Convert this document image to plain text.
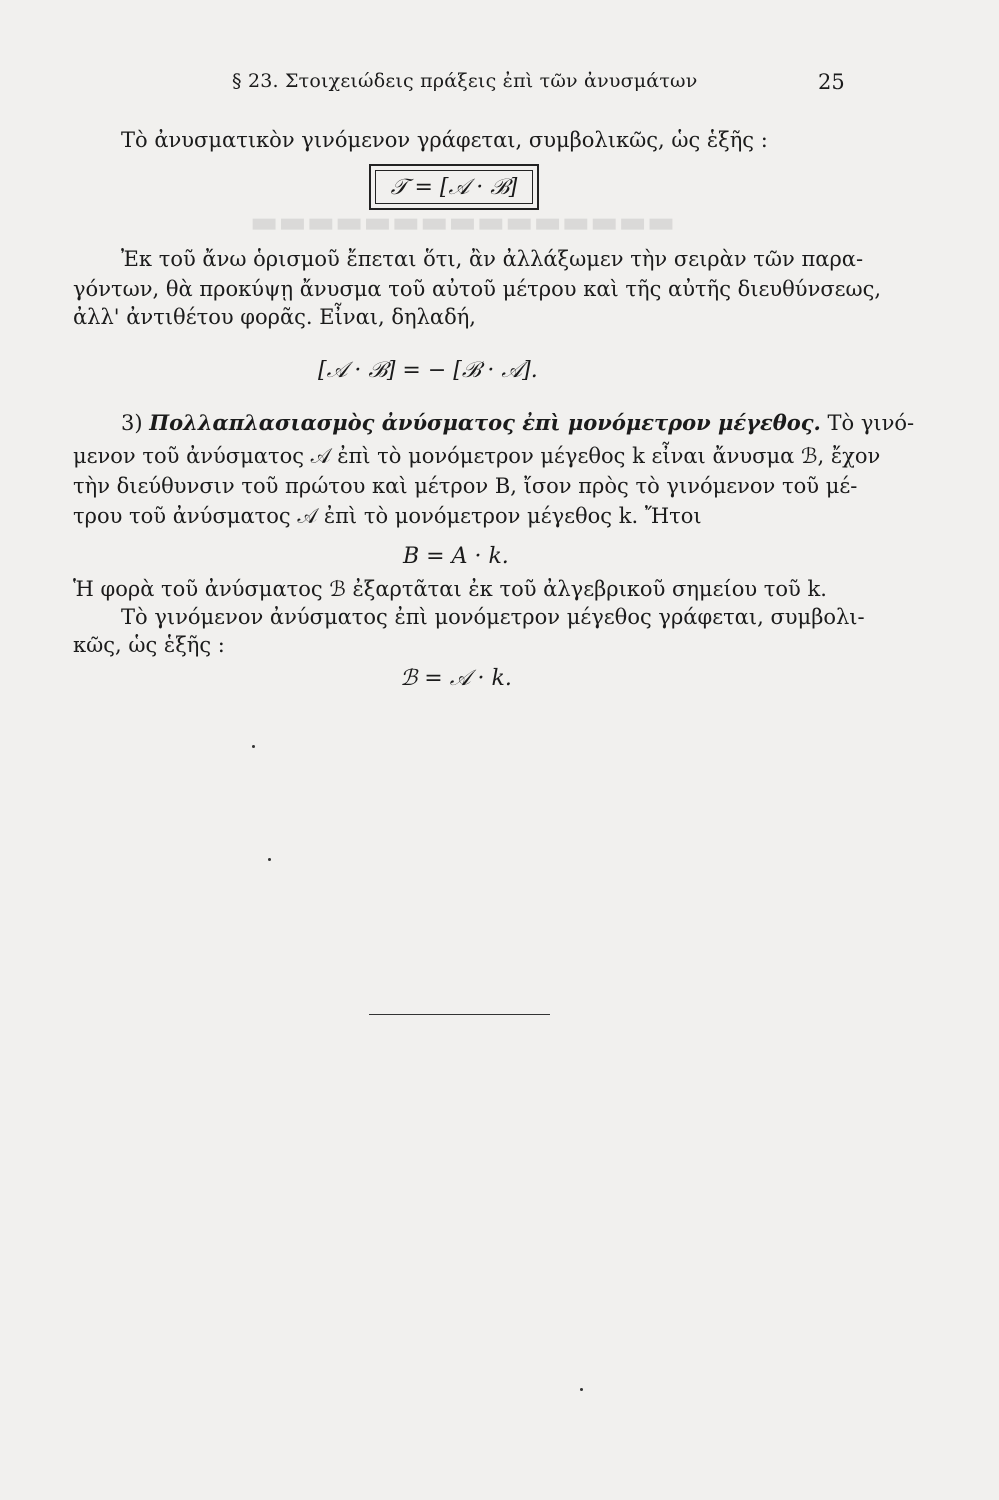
▬▬▬▬▬▬▬▬▬▬▬▬▬▬▬
§ 23. Στοιχειώδεις πράξεις ἐπὶ τῶν ἀνυσμάτων	25
Τὸ ἀνυσματικὸν γινόμενον γράφεται, συμβολικῶς, ὡς ἑξῆς :
𝒯 = [𝒜 · ℬ]
Ἐκ τοῦ ἄνω ὁρισμοῦ ἔπεται ὅτι, ἂν ἀλλάξωμεν τὴν σειρὰν τῶν παρα-
γόντων, θὰ προκύψῃ ἄνυσμα τοῦ αὐτοῦ μέτρου καὶ τῆς αὐτῆς διευθύνσεως,
ἀλλ' ἀντιθέτου φορᾶς. Εἶναι, δηλαδή,
[𝒜 · ℬ] = − [ℬ · 𝒜].
3) Πολλαπλασιασμὸς ἀνύσματος ἐπὶ μονόμετρον μέγεθος. Τὸ γινό-
μενον τοῦ ἀνύσματος 𝒜 ἐπὶ τὸ μονόμετρον μέγεθος k εἶναι ἄνυσμα ℬ, ἔχον
τὴν διεύθυνσιν τοῦ πρώτου καὶ μέτρον B, ἴσον πρὸς τὸ γινόμενον τοῦ μέ-
τρου τοῦ ἀνύσματος 𝒜 ἐπὶ τὸ μονόμετρον μέγεθος k. Ἤτοι
B = A · k.
Ἡ φορὰ τοῦ ἀνύσματος ℬ ἐξαρτᾶται ἐκ τοῦ ἀλγεβρικοῦ σημείου τοῦ k.
Τὸ γινόμενον ἀνύσματος ἐπὶ μονόμετρον μέγεθος γράφεται, συμβολι-
κῶς, ὡς ἑξῆς :
ℬ = 𝒜 · k.
